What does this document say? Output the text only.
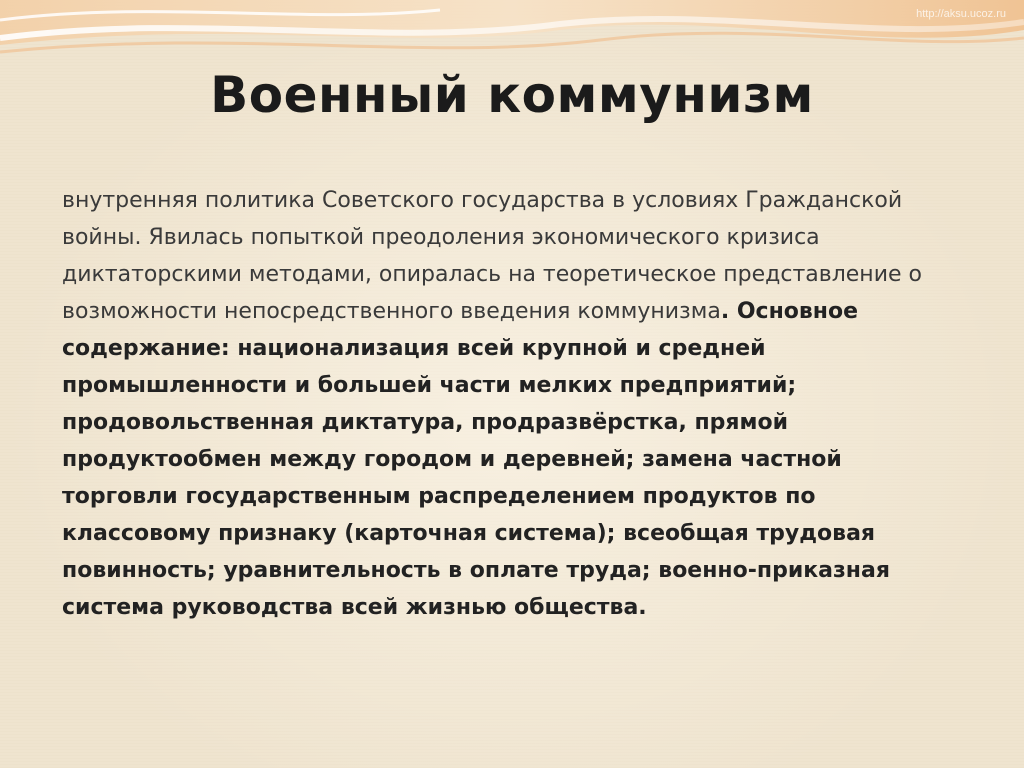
http://aksu.ucoz.ru
Военный коммунизм

внутренняя политика Советского государства в условиях Гражданской войны. Явилась попыткой преодоления экономического кризиса диктаторскими методами, опиралась на теоретическое представление о возможности непосредственного введения коммунизма. Основное содержание: национализация всей крупной и средней промышленности и большей части мелких предприятий; продовольственная диктатура, продразвёрстка, прямой продуктообмен между городом и деревней; замена частной торговли государственным распределением продуктов по классовому признаку (карточная система); всеобщая трудовая повинность; уравнительность в оплате труда; военно-приказная система руководства всей жизнью общества.
